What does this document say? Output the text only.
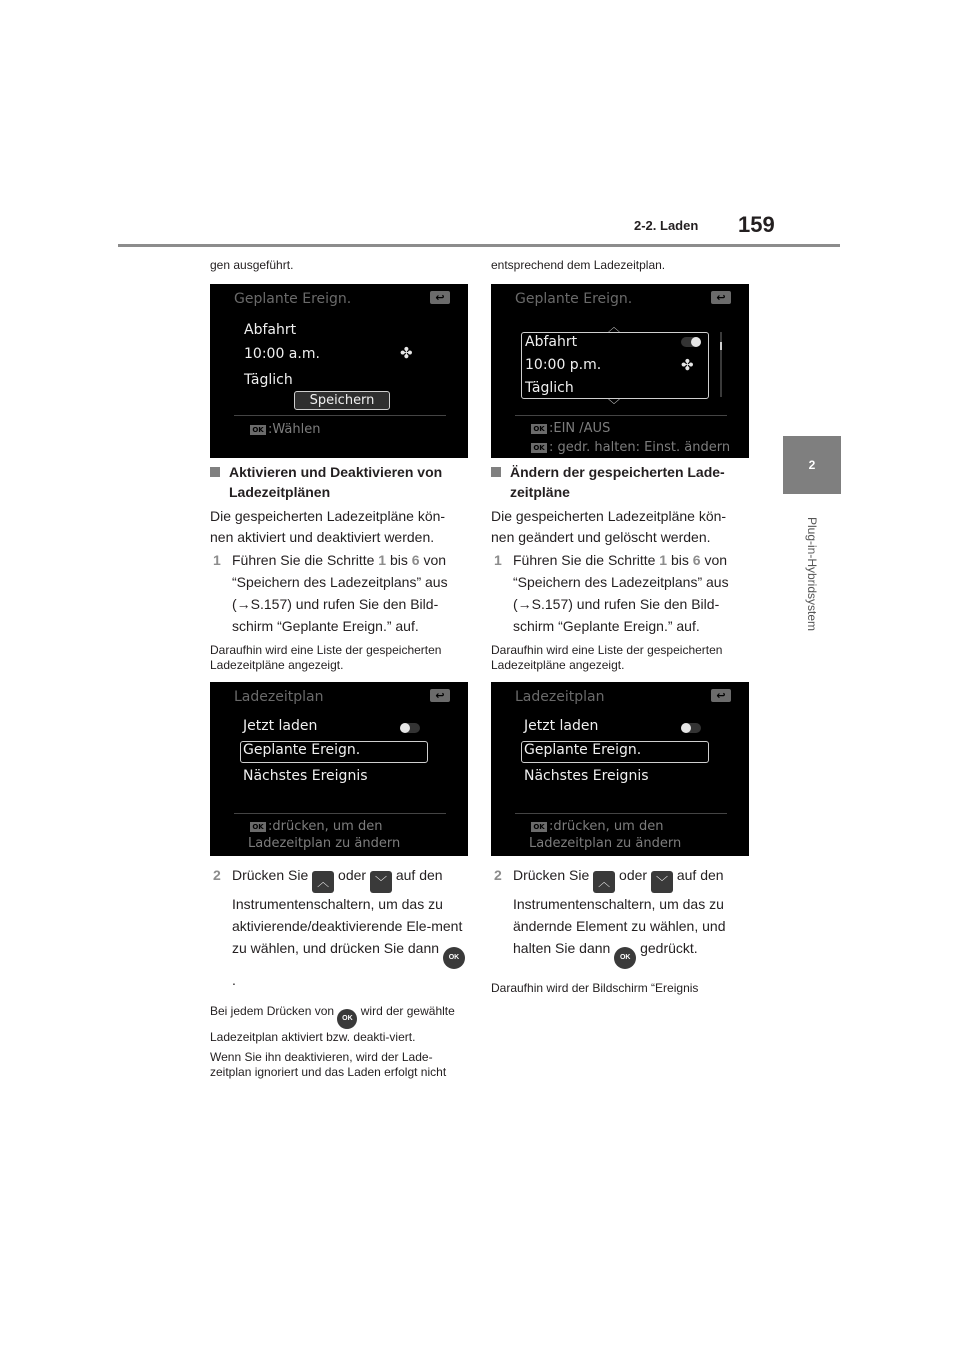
2-2. Laden 159
2
Plug-in-Hybridsystem
gen ausgeführt.
Geplante Ereign.	↩
Abfahrt
10:00 a.m.	✤
Täglich
Speichern
OK :Wählen

Aktivieren und Deaktivieren von Ladezeitplänen

Die gespeicherten Ladezeitpläne kön-nen aktiviert und deaktiviert werden.

1 Führen Sie die Schritte 1 bis 6 von “Speichern des Ladezeitplans” aus (→S.157) und rufen Sie den Bild-schirm “Geplante Ereign.” auf.

Daraufhin wird eine Liste der gespeicherten Ladezeitpläne angezeigt.

Ladezeitplan	↩
Jetzt laden
Geplante Ereign.
Nächstes Ereignis
OK :drücken, um den
Ladezeitplan zu ändern

2 Drücken Sie ︿ oder ﹀ auf den Instrumentenschaltern, um das zu aktivierende/deaktivierende Ele-ment zu wählen, und drücken Sie dann OK.

Bei jedem Drücken von OK wird der gewählte Ladezeitplan aktiviert bzw. deakti-viert.

Wenn Sie ihn deaktivieren, wird der Lade-zeitplan ignoriert und das Laden erfolgt nicht

entsprechend dem Ladezeitplan.
Geplante Ereign.	↩
︿
Abfahrt
10:00 p.m.	✤
Täglich
﹀
OK :EIN /AUS
OK : gedr. halten: Einst. ändern

Ändern der gespeicherten Lade-zeitpläne

Die gespeicherten Ladezeitpläne kön-nen geändert und gelöscht werden.

1 Führen Sie die Schritte 1 bis 6 von “Speichern des Ladezeitplans” aus (→S.157) und rufen Sie den Bild-schirm “Geplante Ereign.” auf.

Daraufhin wird eine Liste der gespeicherten Ladezeitpläne angezeigt.

Ladezeitplan	↩
Jetzt laden
Geplante Ereign.
Nächstes Ereignis
OK :drücken, um den
Ladezeitplan zu ändern

2 Drücken Sie ︿ oder ﹀ auf den Instrumentenschaltern, um das zu ändernde Element zu wählen, und halten Sie dann OK gedrückt.

Daraufhin wird der Bildschirm “Ereignis
